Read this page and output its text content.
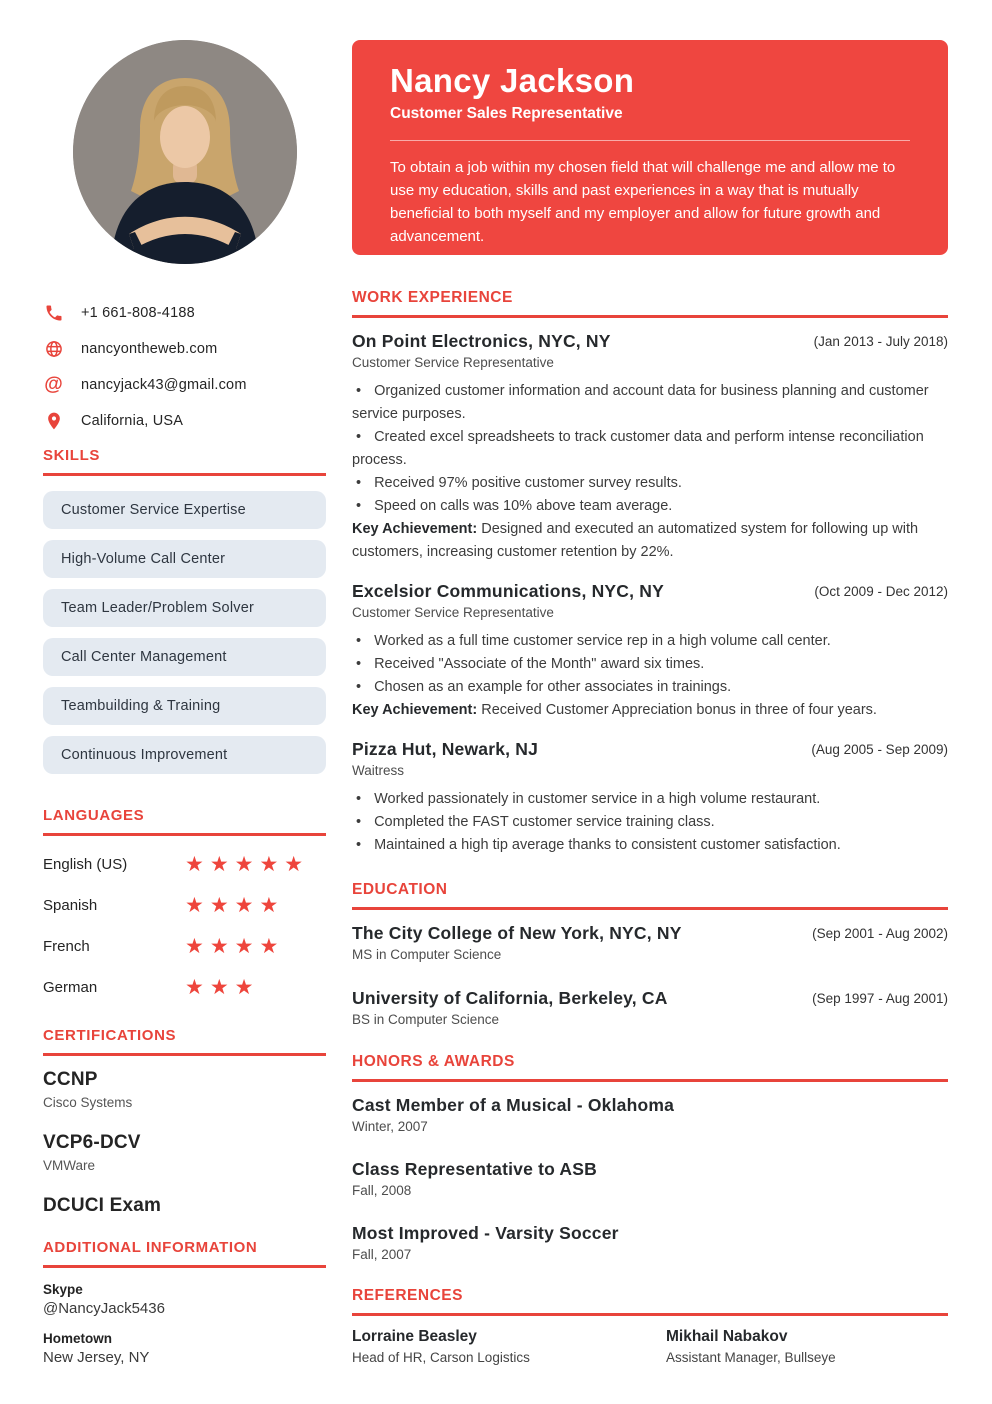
+1 661-808-4188
nancyontheweb.com
@ nancyjack43@gmail.com
California, USA
SKILLS
Customer Service Expertise
High-Volume Call Center
Team Leader/Problem Solver
Call Center Management
Teambuilding & Training
Continuous Improvement
LANGUAGES
English (US)	★★★★★
Spanish	★★★★
French	★★★★
German	★★★
CERTIFICATIONS
CCNP
Cisco Systems
VCP6-DCV
VMWare
DCUCI Exam
ADDITIONAL INFORMATION
Skype
@NancyJack5436
Hometown
New Jersey, NY
Nancy Jackson
Customer Sales Representative

To obtain a job within my chosen field that will challenge me and allow me to use my education, skills and past experiences in a way that is mutually beneficial to both myself and my employer and allow for future growth and advancement.

WORK EXPERIENCE
On Point Electronics, NYC, NY	(Jan 2013 - July 2018)
Customer Service Representative
• Organized customer information and account data for business planning and customer service purposes.
• Created excel spreadsheets to track customer data and perform intense reconciliation process.
• Received 97% positive customer survey results.
• Speed on calls was 10% above team average.

Key Achievement: Designed and executed an automatized system for following up with customers, increasing customer retention by 22%.

Excelsior Communications, NYC, NY	(Oct 2009 - Dec 2012)
Customer Service Representative
• Worked as a full time customer service rep in a high volume call center.
• Received "Associate of the Month" award six times.
• Chosen as an example for other associates in trainings.

Key Achievement: Received Customer Appreciation bonus in three of four years.

Pizza Hut, Newark, NJ	(Aug 2005 - Sep 2009)
Waitress
• Worked passionately in customer service in a high volume restaurant.
• Completed the FAST customer service training class.
• Maintained a high tip average thanks to consistent customer satisfaction.
EDUCATION
The City College of New York, NYC, NY	(Sep 2001 - Aug 2002)
MS in Computer Science
University of California, Berkeley, CA	(Sep 1997 - Aug 2001)
BS in Computer Science
HONORS & AWARDS
Cast Member of a Musical - Oklahoma
Winter, 2007
Class Representative to ASB
Fall, 2008
Most Improved - Varsity Soccer
Fall, 2007
REFERENCES
Lorraine Beasley
Head of HR, Carson Logistics
Mikhail Nabakov
Assistant Manager, Bullseye
